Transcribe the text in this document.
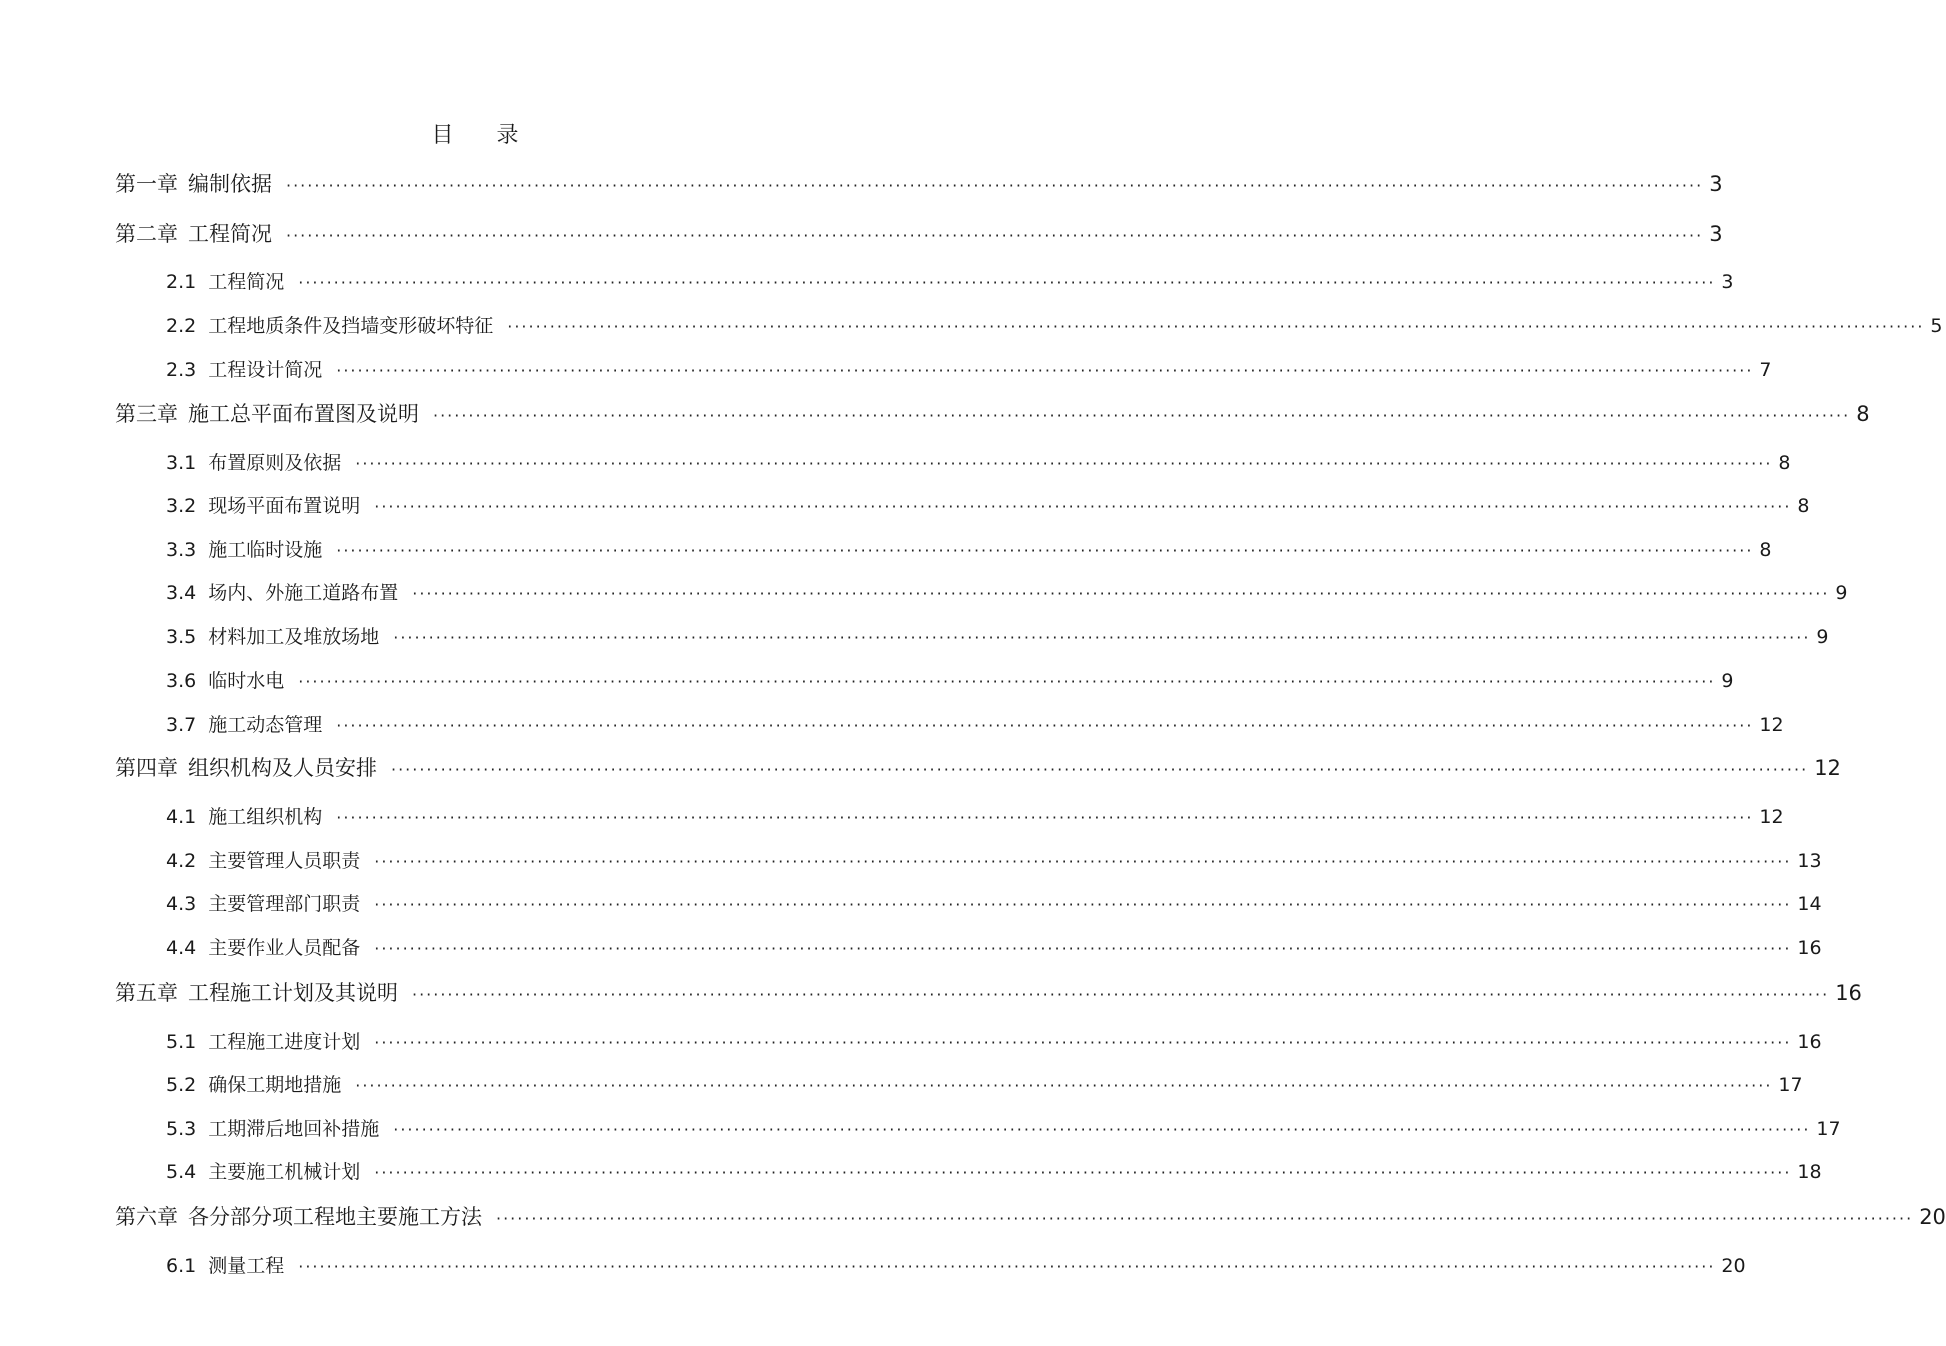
目 录
第一章 编制依据 ········································································································································································································ 3
第二章 工程简况 ········································································································································································································ 3
2.1 工程简况 ········································································································································································································ 3
2.2 工程地质条件及挡墙变形破坏特征 ········································································································································································································ 5
2.3 工程设计简况 ········································································································································································································ 7
第三章 施工总平面布置图及说明 ········································································································································································································ 8
3.1 布置原则及依据 ········································································································································································································ 8
3.2 现场平面布置说明 ········································································································································································································ 8
3.3 施工临时设施 ········································································································································································································ 8
3.4 场内、外施工道路布置 ········································································································································································································ 9
3.5 材料加工及堆放场地 ········································································································································································································ 9
3.6 临时水电 ········································································································································································································ 9
3.7 施工动态管理 ········································································································································································································ 12
第四章 组织机构及人员安排 ········································································································································································································ 12
4.1 施工组织机构 ········································································································································································································ 12
4.2 主要管理人员职责 ········································································································································································································ 13
4.3 主要管理部门职责 ········································································································································································································ 14
4.4 主要作业人员配备 ········································································································································································································ 16
第五章 工程施工计划及其说明 ········································································································································································································ 16
5.1 工程施工进度计划 ········································································································································································································ 16
5.2 确保工期地措施 ········································································································································································································ 17
5.3 工期滞后地回补措施 ········································································································································································································ 17
5.4 主要施工机械计划 ········································································································································································································ 18
第六章 各分部分项工程地主要施工方法 ········································································································································································································ 20
6.1 测量工程 ········································································································································································································ 20
